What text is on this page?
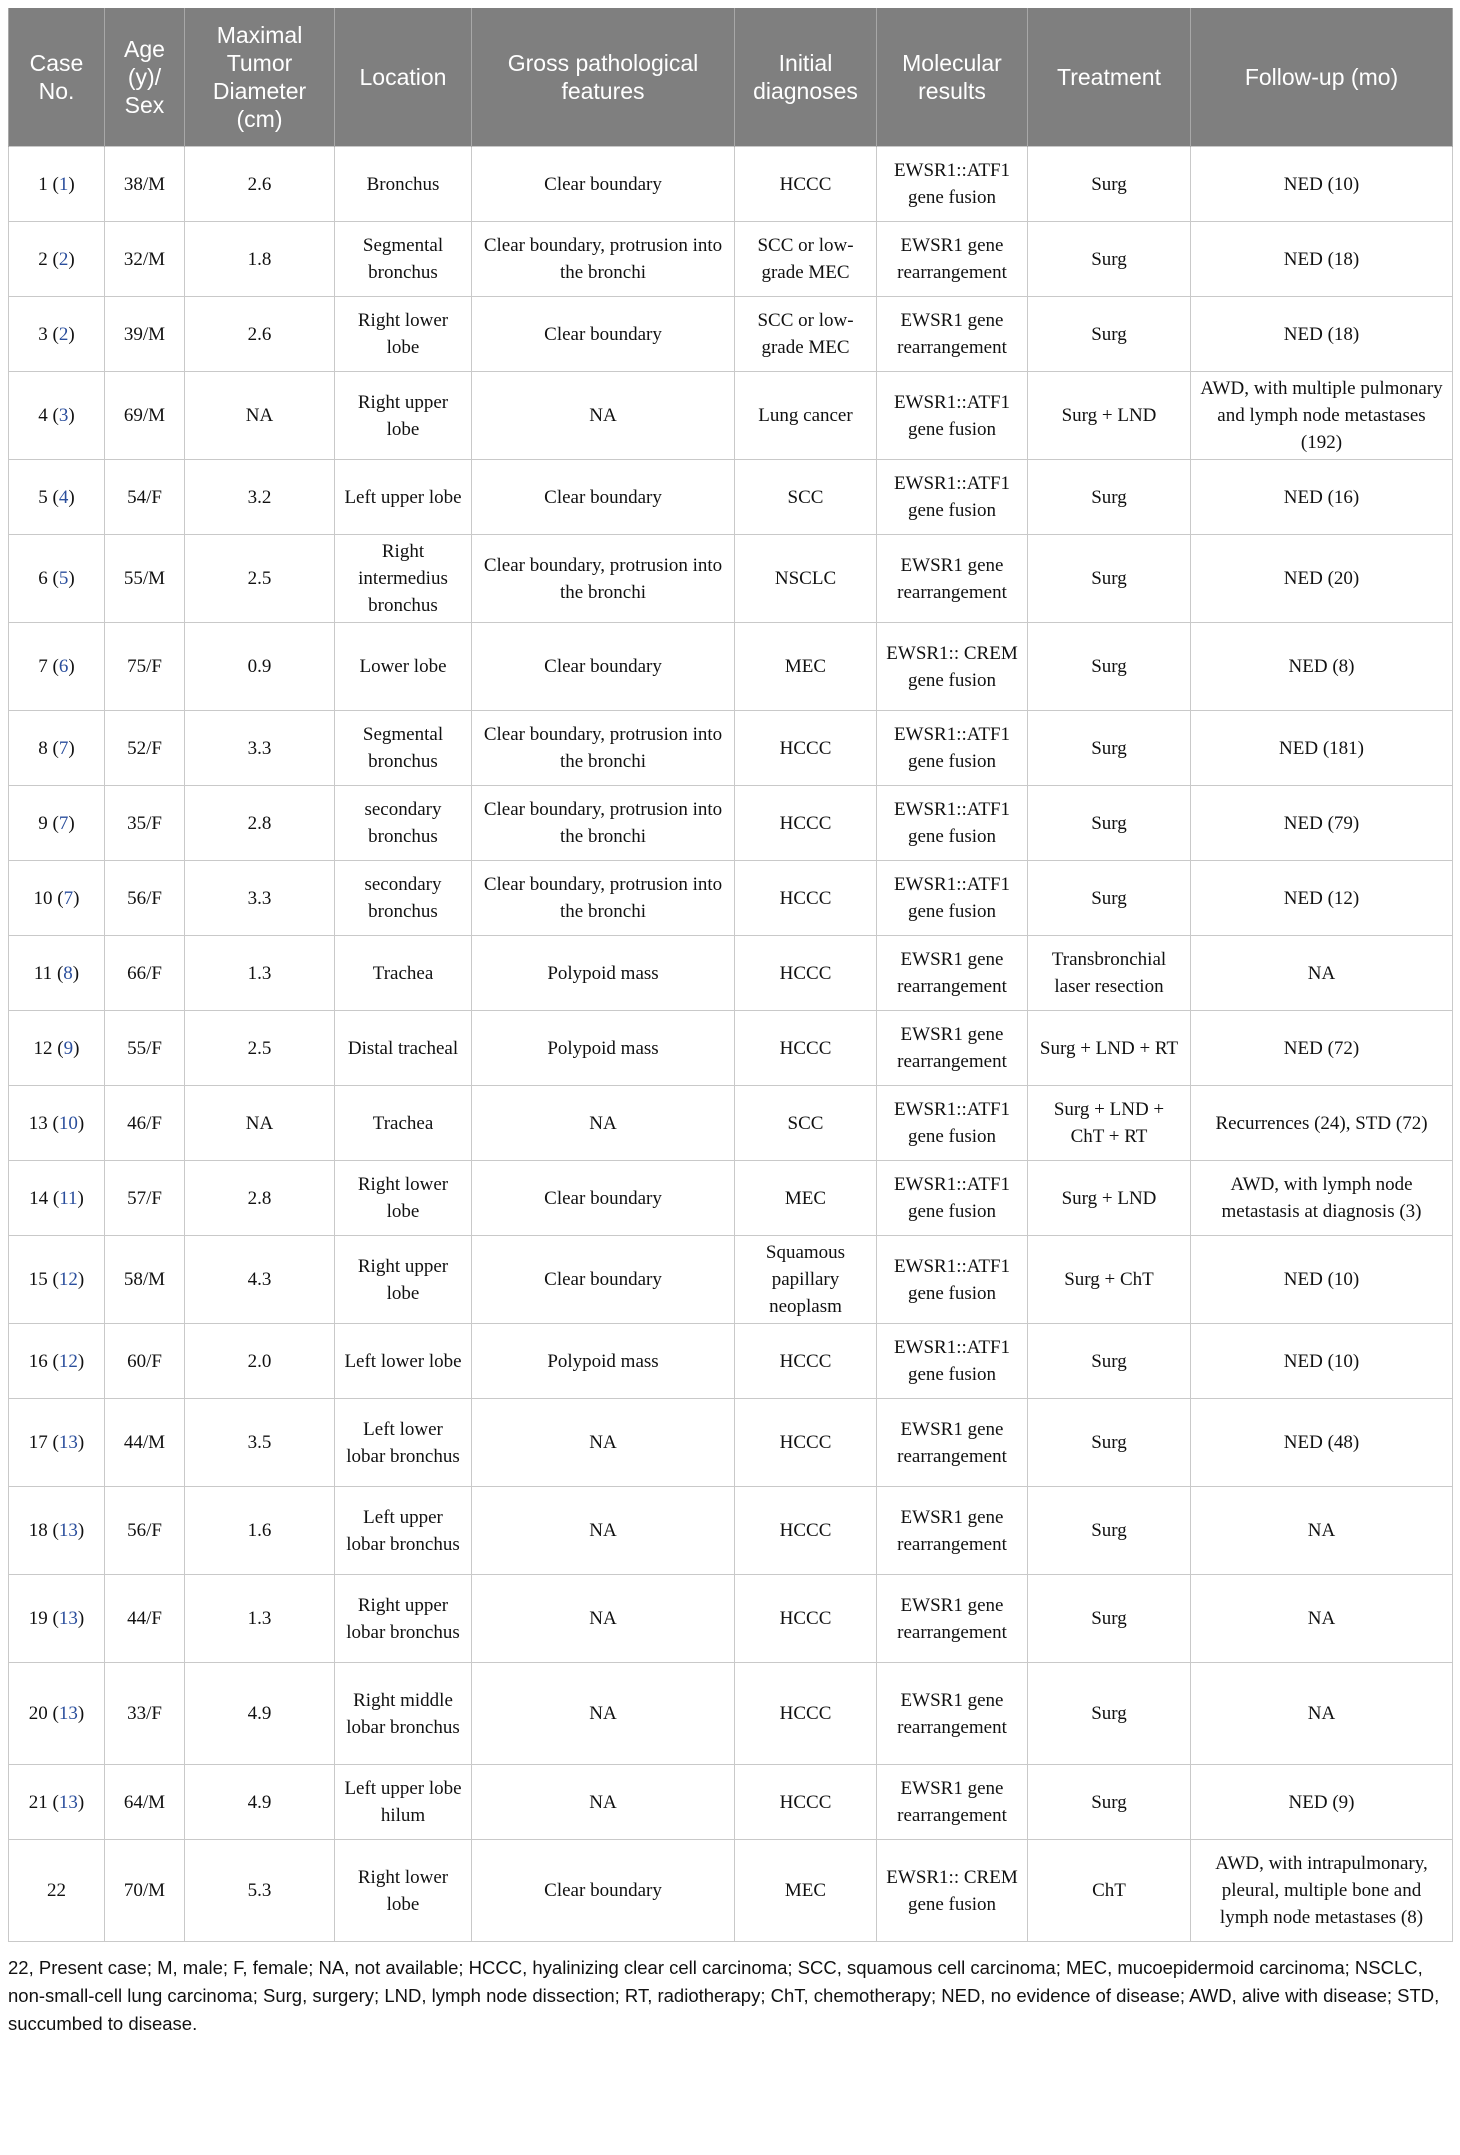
Case No.	Age (y)/ Sex	Maximal Tumor Diameter (cm)	Location	Gross pathological features	Initial diagnoses	Molecular results	Treatment	Follow-up (mo)
1 (1)	38/M	2.6	Bronchus	Clear boundary	HCCC	EWSR1::ATF1 gene fusion	Surg	NED (10)
2 (2)	32/M	1.8	Segmental bronchus	Clear boundary, protrusion into the bronchi	SCC or low-grade MEC	EWSR1 gene rearrangement	Surg	NED (18)
3 (2)	39/M	2.6	Right lower lobe	Clear boundary	SCC or low-grade MEC	EWSR1 gene rearrangement	Surg	NED (18)
4 (3)	69/M	NA	Right upper lobe	NA	Lung cancer	EWSR1::ATF1 gene fusion	Surg + LND	AWD, with multiple pulmonary and lymph node metastases (192)
5 (4)	54/F	3.2	Left upper lobe	Clear boundary	SCC	EWSR1::ATF1 gene fusion	Surg	NED (16)
6 (5)	55/M	2.5	Right intermedius bronchus	Clear boundary, protrusion into the bronchi	NSCLC	EWSR1 gene rearrangement	Surg	NED (20)
7 (6)	75/F	0.9	Lower lobe	Clear boundary	MEC	EWSR1:: CREM gene fusion	Surg	NED (8)
8 (7)	52/F	3.3	Segmental bronchus	Clear boundary, protrusion into the bronchi	HCCC	EWSR1::ATF1 gene fusion	Surg	NED (181)
9 (7)	35/F	2.8	secondary bronchus	Clear boundary, protrusion into the bronchi	HCCC	EWSR1::ATF1 gene fusion	Surg	NED (79)
10 (7)	56/F	3.3	secondary bronchus	Clear boundary, protrusion into the bronchi	HCCC	EWSR1::ATF1 gene fusion	Surg	NED (12)
11 (8)	66/F	1.3	Trachea	Polypoid mass	HCCC	EWSR1 gene rearrangement	Transbronchial laser resection	NA
12 (9)	55/F	2.5	Distal tracheal	Polypoid mass	HCCC	EWSR1 gene rearrangement	Surg + LND + RT	NED (72)
13 (10)	46/F	NA	Trachea	NA	SCC	EWSR1::ATF1 gene fusion	Surg + LND + ChT + RT	Recurrences (24), STD (72)
14 (11)	57/F	2.8	Right lower lobe	Clear boundary	MEC	EWSR1::ATF1 gene fusion	Surg + LND	AWD, with lymph node metastasis at diagnosis (3)
15 (12)	58/M	4.3	Right upper lobe	Clear boundary	Squamous papillary neoplasm	EWSR1::ATF1 gene fusion	Surg + ChT	NED (10)
16 (12)	60/F	2.0	Left lower lobe	Polypoid mass	HCCC	EWSR1::ATF1 gene fusion	Surg	NED (10)
17 (13)	44/M	3.5	Left lower lobar bronchus	NA	HCCC	EWSR1 gene rearrangement	Surg	NED (48)
18 (13)	56/F	1.6	Left upper lobar bronchus	NA	HCCC	EWSR1 gene rearrangement	Surg	NA
19 (13)	44/F	1.3	Right upper lobar bronchus	NA	HCCC	EWSR1 gene rearrangement	Surg	NA
20 (13)	33/F	4.9	Right middle lobar bronchus	NA	HCCC	EWSR1 gene rearrangement	Surg	NA
21 (13)	64/M	4.9	Left upper lobe hilum	NA	HCCC	EWSR1 gene rearrangement	Surg	NED (9)
22	70/M	5.3	Right lower lobe	Clear boundary	MEC	EWSR1:: CREM gene fusion	ChT	AWD, with intrapulmonary, pleural, multiple bone and lymph node metastases (8)
22, Present case; M, male; F, female; NA, not available; HCCC, hyalinizing clear cell carcinoma; SCC, squamous cell carcinoma; MEC, mucoepidermoid carcinoma; NSCLC, non-small-cell lung carcinoma; Surg, surgery; LND, lymph node dissection; RT, radiotherapy; ChT, chemotherapy; NED, no evidence of disease; AWD, alive with disease; STD, succumbed to disease.
